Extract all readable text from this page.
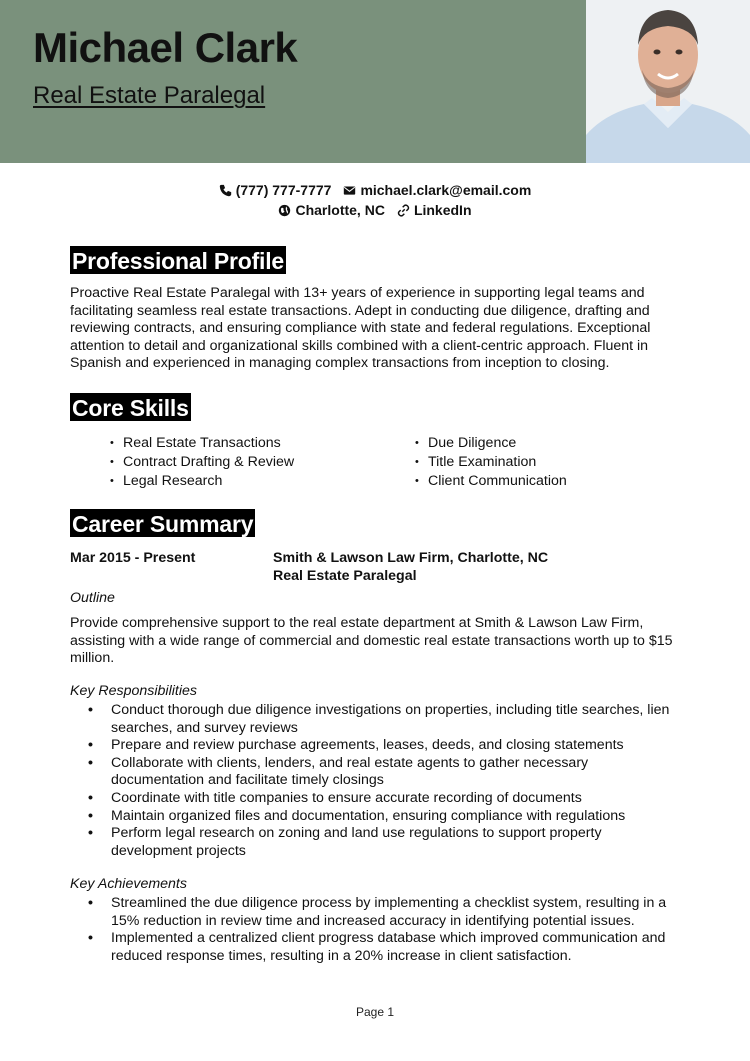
Michael Clark
Real Estate Paralegal
(777) 777-7777 michael.clark@email.com
Charlotte, NC LinkedIn
Professional Profile
Proactive Real Estate Paralegal with 13+ years of experience in supporting legal teams and facilitating seamless real estate transactions. Adept in conducting due diligence, drafting and reviewing contracts, and ensuring compliance with state and federal regulations. Exceptional attention to detail and organizational skills combined with a client-centric approach. Fluent in Spanish and experienced in managing complex transactions from inception to closing.
Core Skills
• Real Estate Transactions	• Due Diligence
• Contract Drafting & Review	• Title Examination
• Legal Research	• Client Communication
Career Summary
Mar 2015 - Present	Smith & Lawson Law Firm, Charlotte, NC
Real Estate Paralegal
Outline
Provide comprehensive support to the real estate department at Smith & Lawson Law Firm, assisting with a wide range of commercial and domestic real estate transactions worth up to $15 million.
Key Responsibilities
• Conduct thorough due diligence investigations on properties, including title searches, lien searches, and survey reviews
• Prepare and review purchase agreements, leases, deeds, and closing statements
• Collaborate with clients, lenders, and real estate agents to gather necessary documentation and facilitate timely closings
• Coordinate with title companies to ensure accurate recording of documents
• Maintain organized files and documentation, ensuring compliance with regulations
• Perform legal research on zoning and land use regulations to support property development projects
Key Achievements
• Streamlined the due diligence process by implementing a checklist system, resulting in a 15% reduction in review time and increased accuracy in identifying potential issues.
• Implemented a centralized client progress database which improved communication and reduced response times, resulting in a 20% increase in client satisfaction.
Page 1
